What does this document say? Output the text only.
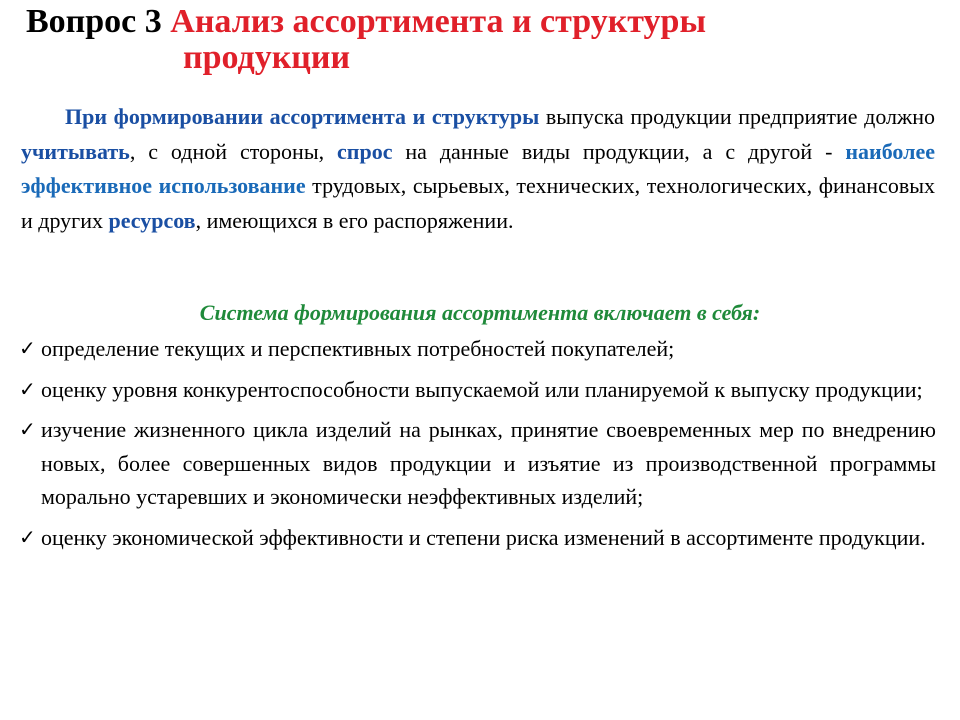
Вопрос 3 Анализ ассортимента и структуры
продукции

При формировании ассортимента и структуры выпуска продукции предприятие должно учитывать, с одной стороны, спрос на данные виды продукции, а с другой - наиболее эффективное использование трудовых, сырьевых, технических, технологических, финансовых и других ресурсов, имеющихся в его распоряжении.

Система формирования ассортимента включает в себя:

✓ определение текущих и перспективных потребностей покупателей;
✓ оценку уровня конкурентоспособности выпускаемой или планируемой к выпуску продукции;
✓ изучение жизненного цикла изделий на рынках, принятие своевременных мер по внедрению новых, более совершенных видов продукции и изъятие из производственной программы морально устаревших и экономически неэффективных изделий;
✓ оценку экономической эффективности и степени риска изменений в ассортименте продукции.
